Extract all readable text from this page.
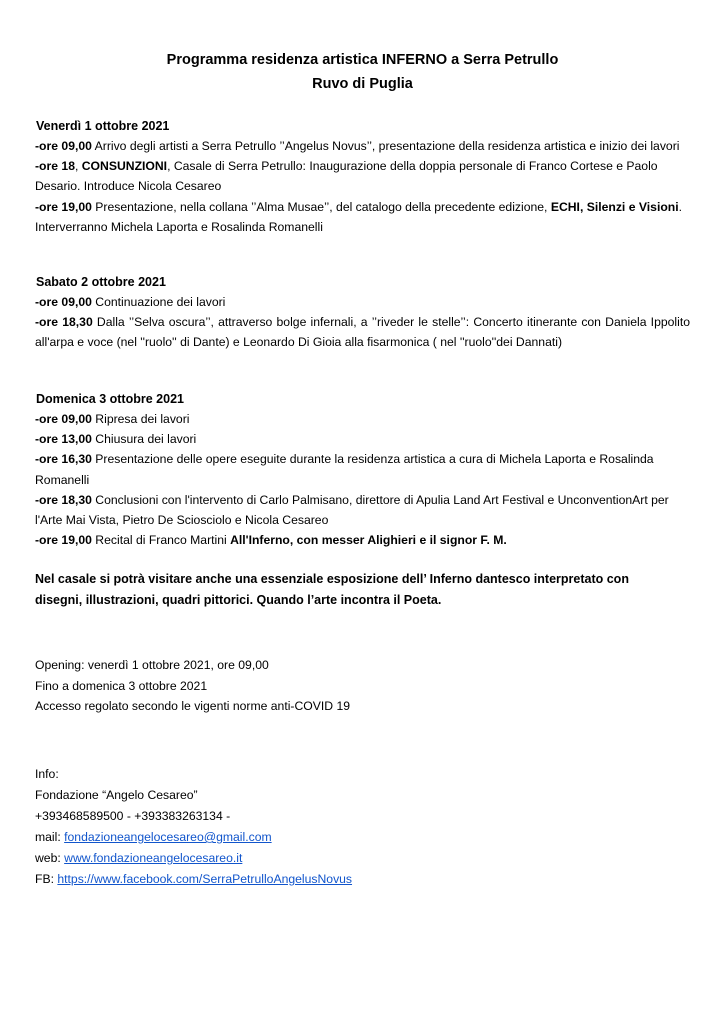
Programma residenza artistica INFERNO a Serra Petrullo
Ruvo di Puglia
Venerdì 1 ottobre 2021
-ore 09,00 Arrivo degli artisti a Serra Petrullo ’’Angelus Novus’’, presentazione della residenza artistica e inizio dei lavori
-ore 18, CONSUNZIONI, Casale di Serra Petrullo: Inaugurazione della doppia personale di Franco Cortese e Paolo Desario. Introduce Nicola Cesareo
-ore 19,00 Presentazione, nella collana ’’Alma Musae’’, del catalogo della precedente edizione, ECHI, Silenzi e Visioni. Interverranno Michela Laporta e Rosalinda Romanelli
Sabato 2 ottobre 2021
-ore 09,00 Continuazione dei lavori
-ore 18,30 Dalla ’’Selva oscura’’, attraverso bolge infernali, a ’’riveder le stelle’’: Concerto itinerante con Daniela Ippolito all'arpa e voce (nel ''ruolo'' di Dante) e Leonardo Di Gioia alla fisarmonica ( nel ''ruolo''dei Dannati)
Domenica 3 ottobre 2021
-ore 09,00 Ripresa dei lavori
-ore 13,00 Chiusura dei lavori
-ore 16,30 Presentazione delle opere eseguite durante la residenza artistica a cura di Michela Laporta e Rosalinda Romanelli
-ore 18,30 Conclusioni con l'intervento di Carlo Palmisano, direttore di Apulia Land Art Festival e UnconventionArt per l'Arte Mai Vista, Pietro De Sciosciolo e Nicola Cesareo
-ore 19,00 Recital di Franco Martini All'Inferno, con messer Alighieri e il signor F. M.
Nel casale si potrà visitare anche una essenziale esposizione dell’ Inferno dantesco interpretato con disegni, illustrazioni, quadri pittorici. Quando l’arte incontra il Poeta.
Opening: venerdì 1 ottobre 2021, ore 09,00
Fino a domenica 3 ottobre 2021
Accesso regolato secondo le vigenti norme anti-COVID 19
Info:
Fondazione “Angelo Cesareo”
+393468589500 - +393383263134 -
mail: fondazioneangelocesareo@gmail.com
web: www.fondazioneangelocesareo.it
FB: https://www.facebook.com/SerraPetrulloAngelusNovus
